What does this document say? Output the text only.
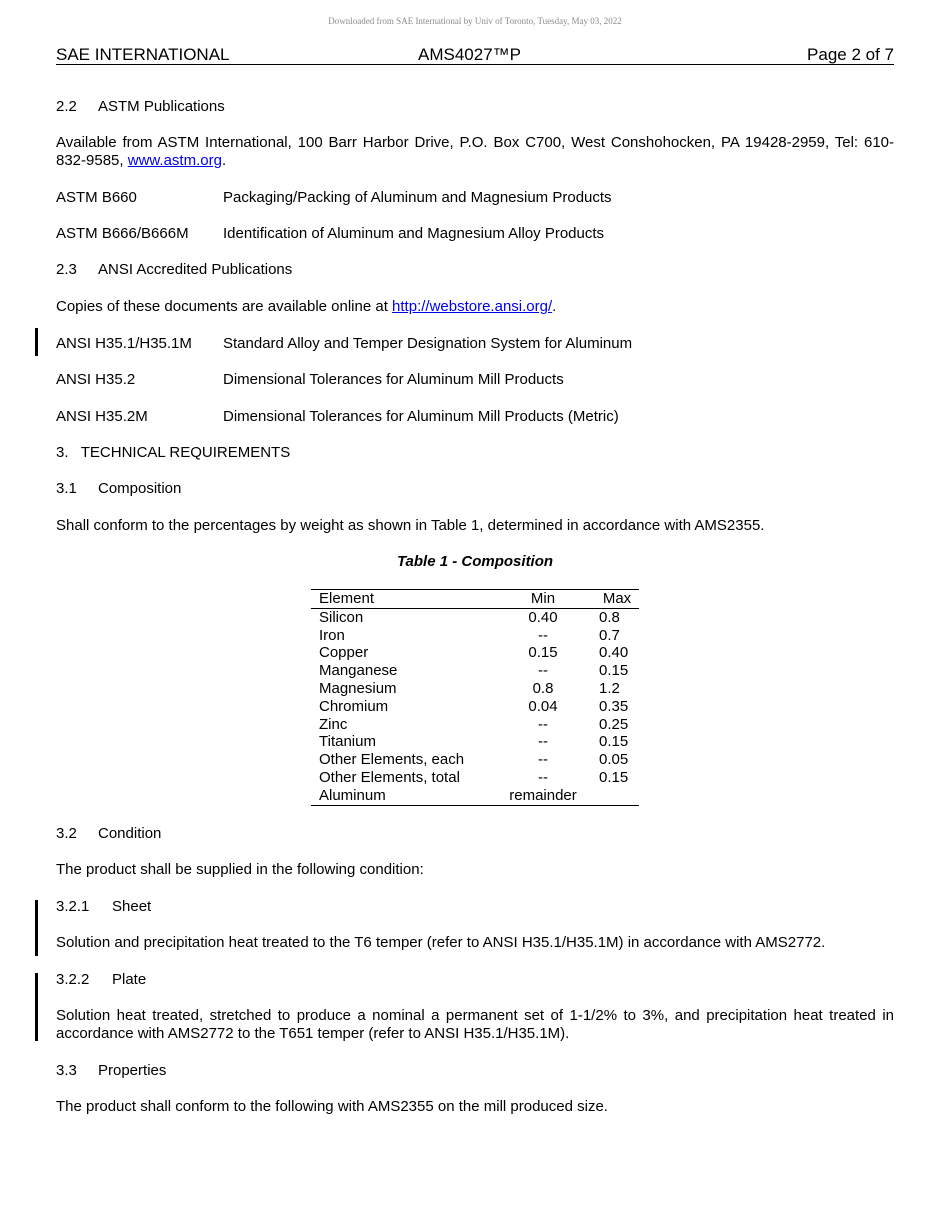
Downloaded from SAE International by Univ of Toronto, Tuesday, May 03, 2022
SAE INTERNATIONAL	AMS4027™P	Page 2 of 7
2.2 ASTM Publications
Available from ASTM International, 100 Barr Harbor Drive, P.O. Box C700, West Conshohocken, PA 19428-2959, Tel: 610-832-9585, www.astm.org.
ASTM B660	Packaging/Packing of Aluminum and Magnesium Products
ASTM B666/B666M Identification of Aluminum and Magnesium Alloy Products
2.3 ANSI Accredited Publications
Copies of these documents are available online at http://webstore.ansi.org/.
ANSI H35.1/H35.1M Standard Alloy and Temper Designation System for Aluminum
ANSI H35.2	Dimensional Tolerances for Aluminum Mill Products
ANSI H35.2M	Dimensional Tolerances for Aluminum Mill Products (Metric)
3.   TECHNICAL REQUIREMENTS
3.1 Composition
Shall conform to the percentages by weight as shown in Table 1, determined in accordance with AMS2355.
Table 1 - Composition
Element	Min	Max
Silicon	0.40	0.8
Iron	--	0.7
Copper	0.15	0.40
Manganese	--	0.15
Magnesium	0.8	1.2
Chromium	0.04	0.35
Zinc	--	0.25
Titanium	--	0.15
Other Elements, each	--	0.05
Other Elements, total	--	0.15
Aluminum	remainder	
3.2 Condition
The product shall be supplied in the following condition:
3.2.1 Sheet
Solution and precipitation heat treated to the T6 temper (refer to ANSI H35.1/H35.1M) in accordance with AMS2772.
3.2.2 Plate
Solution heat treated, stretched to produce a nominal a permanent set of 1-1/2% to 3%, and precipitation heat treated in accordance with AMS2772 to the T651 temper (refer to ANSI H35.1/H35.1M).
3.3 Properties
The product shall conform to the following with AMS2355 on the mill produced size.
